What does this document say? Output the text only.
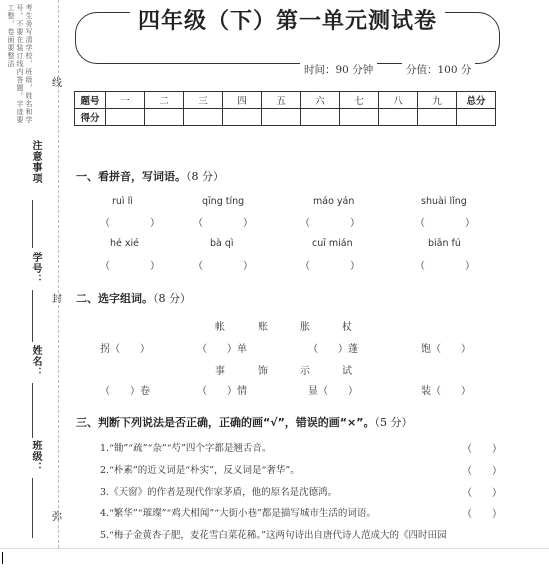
考生务写清学校，班级，姓名和学号。不要在装订线内答题。字迹要工整，卷面要整洁
注意事项
学号：
姓名：
班级：
线
封
弥
四年级（下）第一单元测试卷
时间：90 分钟	分值：100 分
题号	一	二	三	四	五	六	七	八	九	总分
得分										
一、看拼音，写词语。（8 分）
ruì lì	qīng tíng	máo yán	shuài lǐng
（　　　　）	（　　　　）	（　　　　）	（　　　　）
hé xié	bà qì	cuī mián	biān fú
（　　　　）	（　　　　）	（　　　　）	（　　　　）
二、选字组词。（8 分）
帐	账	胀	杖
拐（　　）	（　　）单	（　　）蓬	饱（　　）
事	饰	示	试
（　　）卷	（　　）情	显（　　）	装（　　）
三、判断下列说法是否正确，正确的画“√”，错误的画“×”。（5 分）
1.“锄”“疏”“杂”“芍”四个字都是翘舌音。	（　　）
2.“朴素”的近义词是“朴实”，反义词是“奢华”。	（　　）
3.《天窗》的作者是现代作家茅盾，他的原名是沈德鸿。	（　　）
4.“繁华”“璀璨”“鸡犬相闻”“大街小巷”都是描写城市生活的词语。	（　　）
5.“梅子金黄杏子肥，麦花雪白菜花稀。”这两句诗出自唐代诗人范成大的《四时田园
